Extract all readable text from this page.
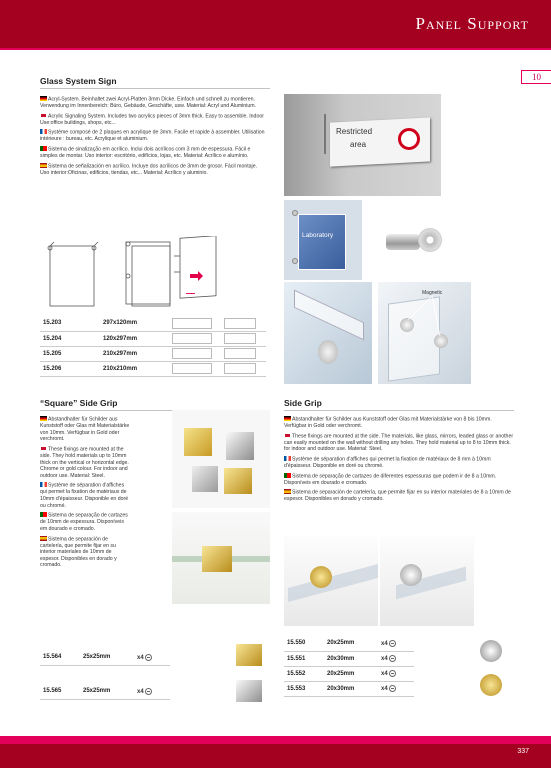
Panel Support
10
Glass System Sign

Acryl-System. Beinhaltet zwei Acryl-Platten 3mm Dicke. Einfach und schnell zu montieren. Verwendung im Innenbereich: Büro, Gebäude, Geschäfte, usw. Material: Acryl und Aluminium.

Acrylic Signaling System. Includes two acrylics pieces of 3mm thick. Easy to assemble. Indoor Use:office buildings, shops, etc...

Système composé de 2 plaques en acrylique de 3mm. Facile et rapide à assembler. Utilisation intérieure : bureau, etc. Acrylique et aluminium.

Sistema de sinalização em acrílico. Inclui dois acrílicos com 3 mm de espessura. Fácil e simples de montar. Uso interior: escritório, edifícios, lojas, etc. Material: Acrílico e alumínio.

Sistema de señalización en acrílico. Incluye dos acrílicos de 3mm de grosor. Fácil montaje. Uso interior:Oficinas, edificios, tiendas, etc... Material: Acrílico y aluminio.

▬▬▬
15.203	297x120mm		
15.204	120x297mm		
15.205	210x297mm		
15.206	210x210mm		
Restricted
area
Laboratory
Magnetic
“Square” Side Grip

Abstandhalter für Schilder aus Kunststoff oder Glas mit Materialstärke von 10mm. Verfügbar in Gold oder verchromt.

These fixings are mounted at the side. They hold materials up to 10mm thick on the vertical or horizontal edge. Chrome or gold colour. For indoor and outdoor use. Material: Steel.

Système de séparation d'affiches qui permet la fixation de matériaux de 10mm d'épaisseur. Disponible en doré ou chromé.

Sistema de separação de cartazes de 10mm de espessura. Disponíveis em dourado e cromado.

Sistema de separación de cartelería, que permite fijar en su interior materiales de 10mm de espesor. Disponibles en dorado y cromado.

15.564	25x25mm	x4
15.565	25x25mm	x4
Side Grip

Abstandhalter für Schilder aus Kunststoff oder Glas mit Materialstärke von 8 bis 10mm. Verfügbar in Gold oder verchromt.

These fixings are mounted at the side. The materials, like glass, mirrors, leaded glass or another can easily mounted on the wall without drilling any holes. They hold material up to 8 to 10mm thick. for indoor and outdoor use. Material: Steel.

Système de séparation d'affiches qui permet la fixation de matériaux de 8 mm à 10mm d'épaisseur. Disponible en doré ou chromé.

Sistema de separação de cartazes de diferentes espessuras que podem ir de 8 a 10mm. Disponíveis em dourado e cromado.

Sistema de separación de cartelería, que permite fijar en su interior materiales de 8 a 10mm de espesor. Disponibles en dorado y cromado.

15.550	20x25mm	x4
15.551	20x30mm	x4
15.552	20x25mm	x4
15.553	20x30mm	x4
337
